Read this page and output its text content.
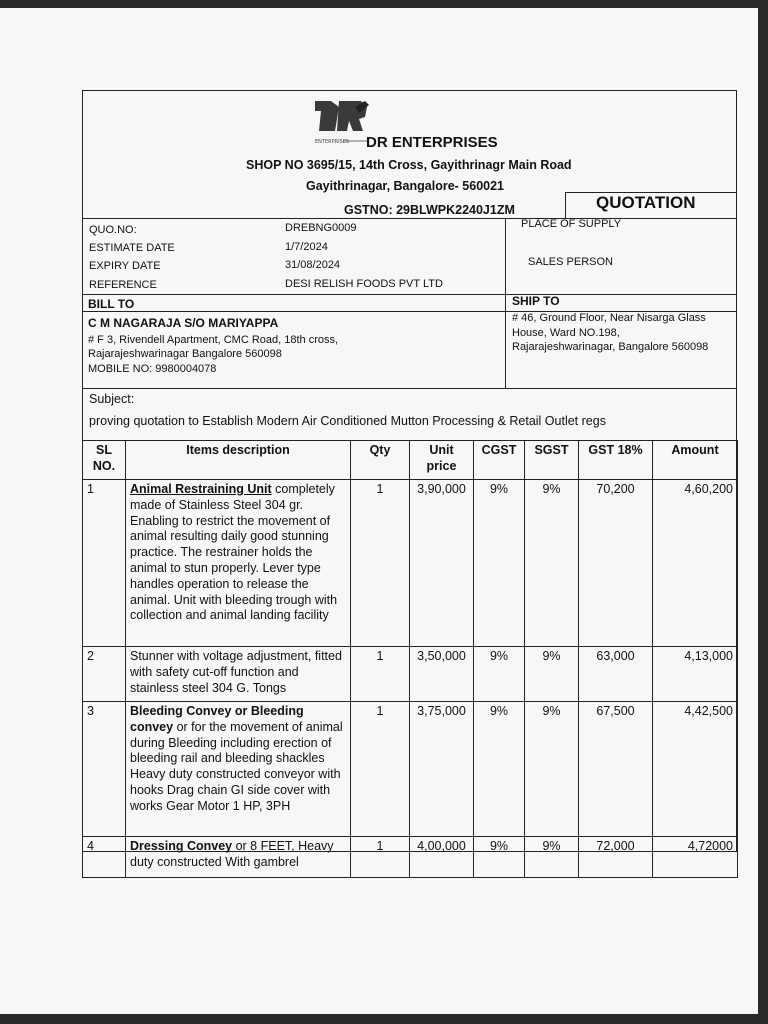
ENTERPRISES DR ENTERPRISES
SHOP NO 3695/15, 14th Cross, Gayithrinagr Main Road
Gayithrinagar, Bangalore- 560021
GSTNO: 29BLWPK2240J1ZM	QUOTATION
QUO.NO:	DREBNG0009
ESTIMATE DATE	1/7/2024
EXPIRY DATE	31/08/2024
REFERENCE	DESI RELISH FOODS PVT LTD
PLACE OF SUPPLY
SALES PERSON
BILL TO	SHIP TO
C M NAGARAJA S/O MARIYAPPA
# F 3, Rivendell Apartment, CMC Road, 18th cross,
Rajarajeshwarinagar Bangalore 560098
MOBILE NO: 9980004078
# 46, Ground Floor, Near Nisarga Glass
House, Ward NO.198,
Rajarajeshwarinagar, Bangalore 560098
Subject:
proving quotation to Establish Modern Air Conditioned Mutton Processing & Retail Outlet regs
SL NO.	Items description	Qty	Unit price	CGST	SGST	GST 18%	Amount
1	Animal Restraining Unit completely made of Stainless Steel 304 gr. Enabling to restrict the movement of animal resulting daily good stunning practice. The restrainer holds the animal to stun properly. Lever type handles operation to release the animal. Unit with bleeding trough with collection and animal landing facility	1	3,90,000	9%	9%	70,200	4,60,200
2	Stunner with voltage adjustment, fitted with safety cut-off function and stainless steel 304 G. Tongs	1	3,50,000	9%	9%	63,000	4,13,000
3	Bleeding Convey or Bleeding convey or for the movement of animal during Bleeding including erection of bleeding rail and bleeding shackles Heavy duty constructed conveyor with hooks Drag chain GI side cover with
works Gear Motor 1 HP, 3PH	1	3,75,000	9%	9%	67,500	4,42,500
4	Dressing Convey or 8 FEET, Heavy duty constructed With gambrel	1	4,00,000	9%	9%	72,000	4,72000
